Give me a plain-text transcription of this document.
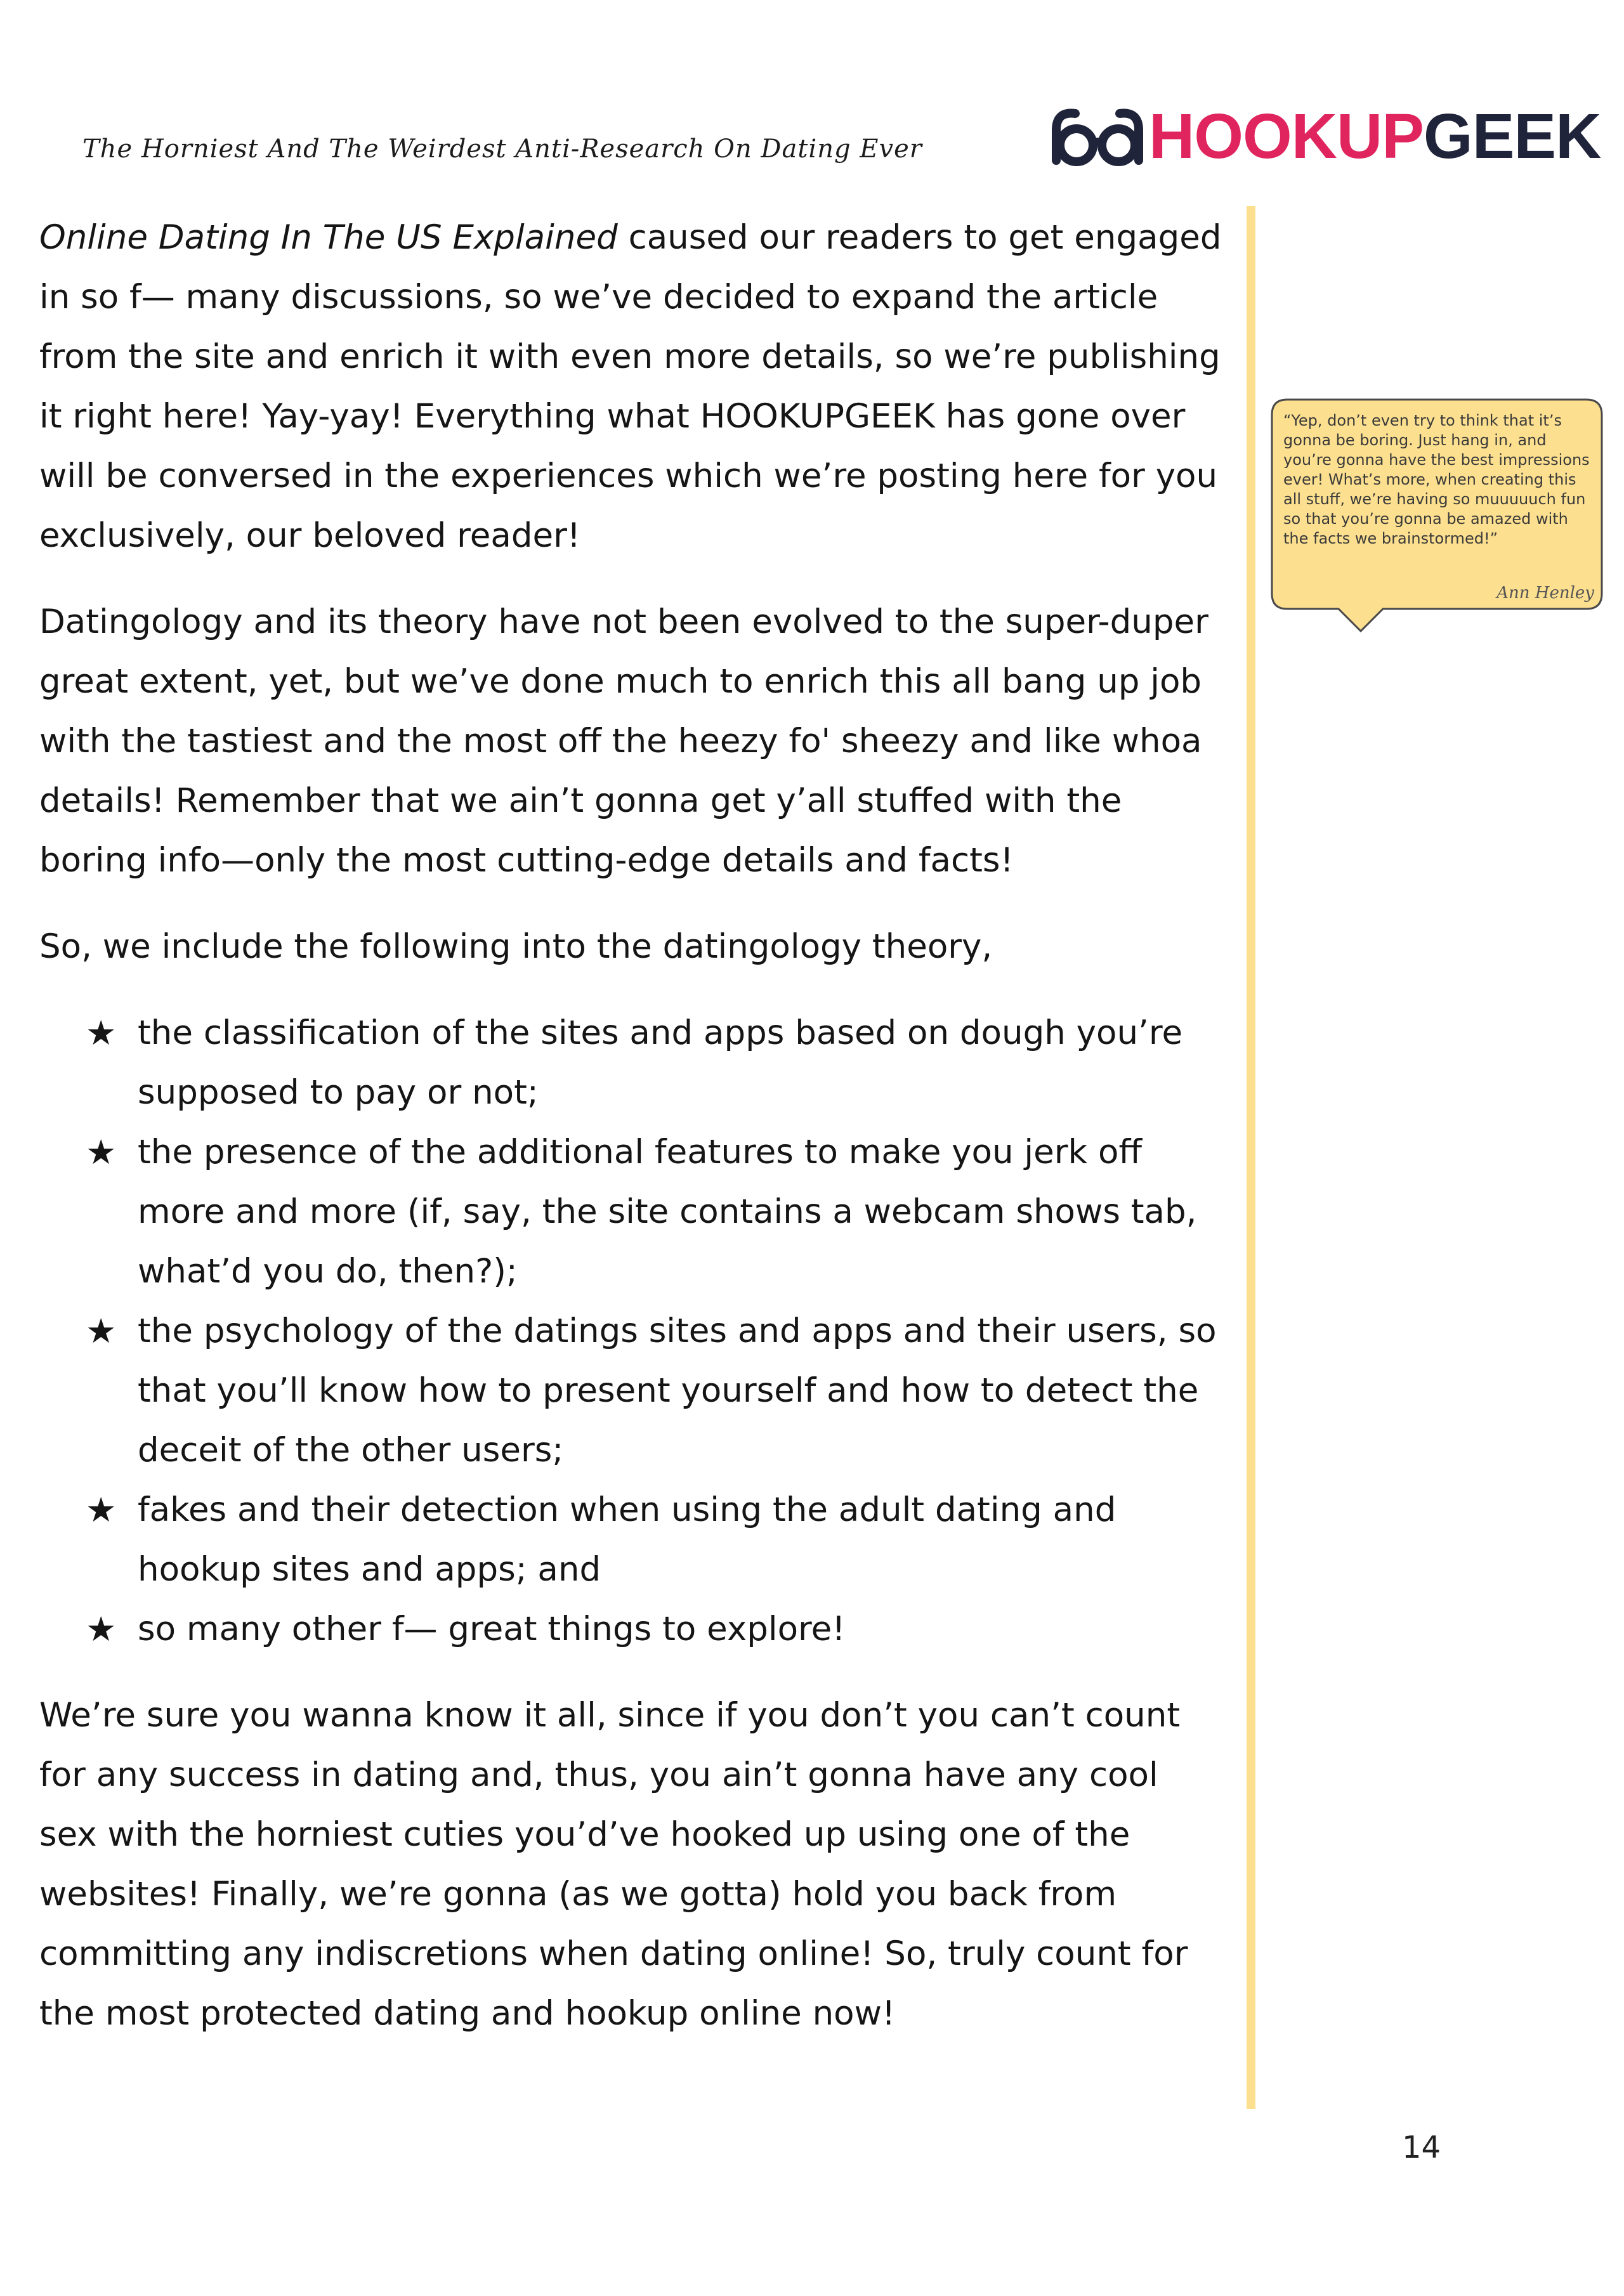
The Horniest And The Weirdest Anti-Research On Dating Ever	HOOKUPGEEK

Online Dating In The US Explained caused our readers to get engaged in so f— many discussions, so we’ve decided to expand the article from the site and enrich it with even more details, so we’re publishing it right here! Yay-yay! Everything what HOOKUPGEEK has gone over will be conversed in the experiences which we’re posting here for you exclusively, our beloved reader!

Datingology and its theory have not been evolved to the super-duper great extent, yet, but we’ve done much to enrich this all bang up job with the tastiest and the most off the heezy fo' sheezy and like whoa details! Remember that we ain’t gonna get y’all stuffed with the boring info—only the most cutting-edge details and facts!

So, we include the following into the datingology theory,

★ the classification of the sites and apps based on dough you’re supposed to pay or not;
★ the presence of the additional features to make you jerk off more and more (if, say, the site contains a webcam shows tab, what’d you do, then?);
★ the psychology of the datings sites and apps and their users, so that you’ll know how to present yourself and how to detect the deceit of the other users;
★ fakes and their detection when using the adult dating and hookup sites and apps; and
★ so many other f— great things to explore!

We’re sure you wanna know it all, since if you don’t you can’t count for any success in dating and, thus, you ain’t gonna have any cool sex with the horniest cuties you’d’ve hooked up using one of the websites! Finally, we’re gonna (as we gotta) hold you back from committing any indiscretions when dating online! So, truly count for the most protected dating and hookup online now!

“Yep, don’t even try to think that it’s gonna be boring. Just hang in, and you’re gonna have the best impressions ever! What’s more, when creating this all stuff, we’re having so muuuuuch fun so that you’re gonna be amazed with the facts we brainstormed!”
Ann Henley
14
